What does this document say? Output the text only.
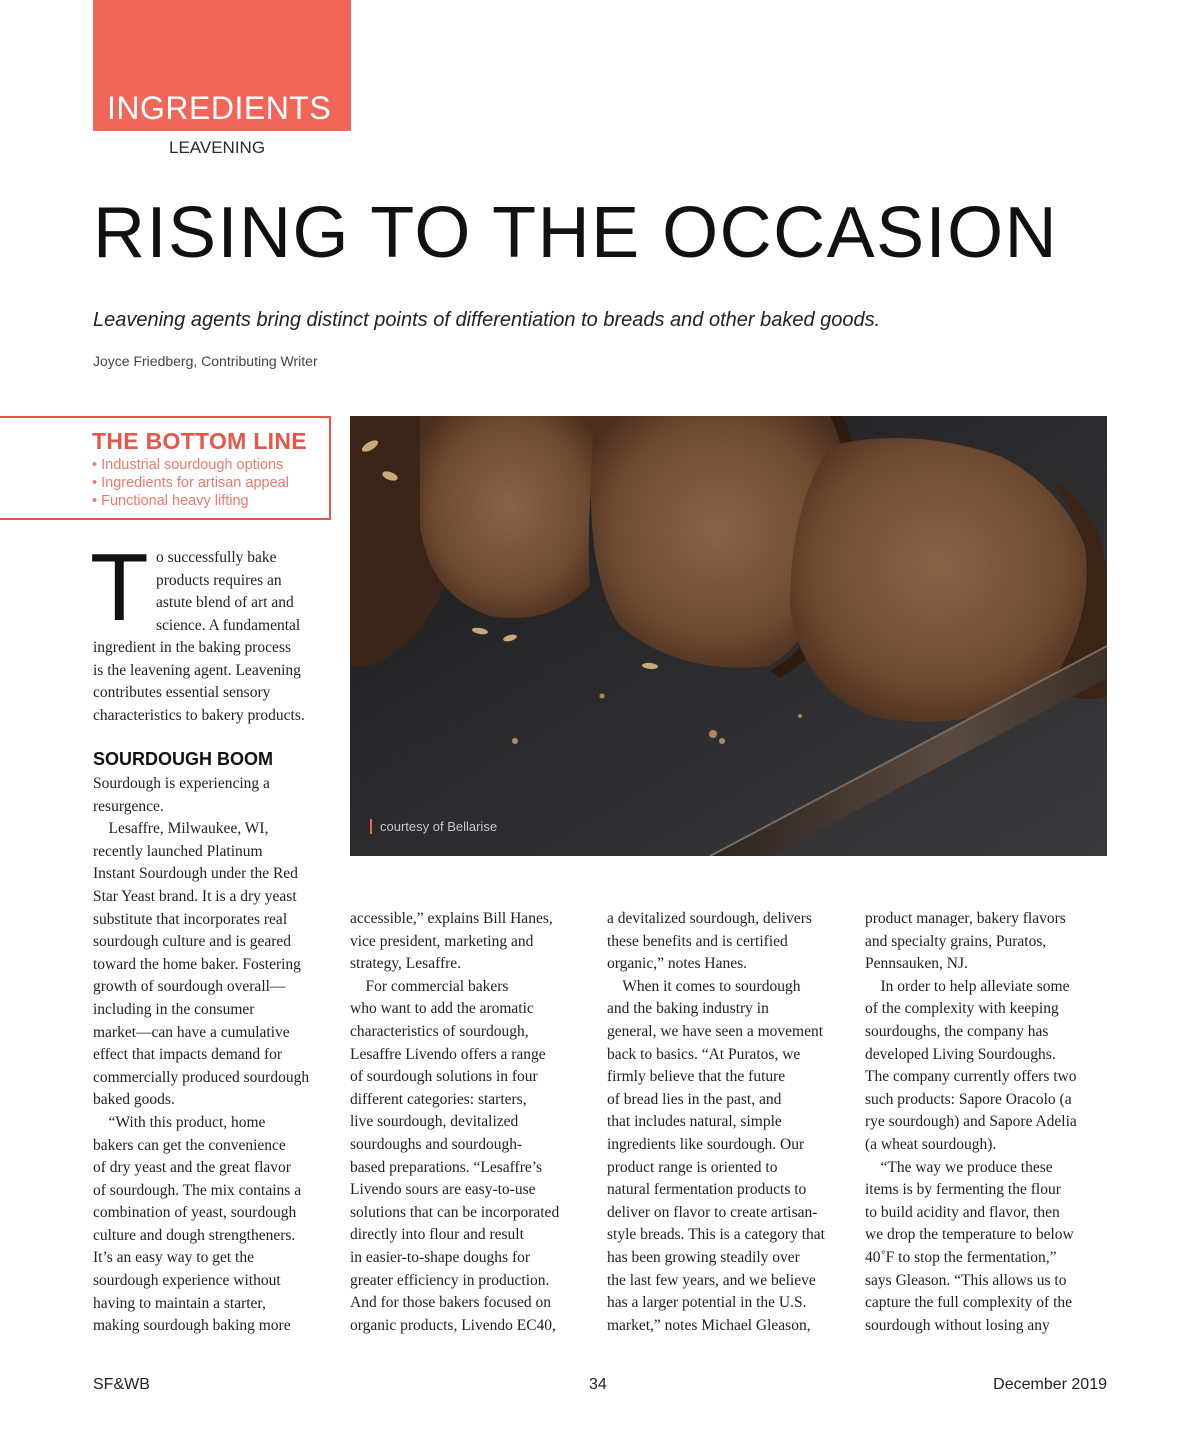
INGREDIENTS
LEAVENING
RISING TO THE OCCASION

Leavening agents bring distinct points of differentiation to breads and other baked goods.

Joyce Friedberg, Contributing Writer
THE BOTTOM LINE
• Industrial sourdough options
• Ingredients for artisan appeal
• Functional heavy lifting
courtesy of Bellarise
T o successfully bake
products requires an
astute blend of art and
science. A fundamental
ingredient in the baking process
is the leavening agent. Leavening
contributes essential sensory
characteristics to bakery products.
SOURDOUGH BOOM
Sourdough is experiencing a
resurgence.
Lesaffre, Milwaukee, WI,
recently launched Platinum
Instant Sourdough under the Red
Star Yeast brand. It is a dry yeast
substitute that incorporates real
sourdough culture and is geared
toward the home baker. Fostering
growth of sourdough overall—
including in the consumer
market—can have a cumulative
effect that impacts demand for
commercially produced sourdough
baked goods.
“With this product, home
bakers can get the convenience
of dry yeast and the great flavor
of sourdough. The mix contains a
combination of yeast, sourdough
culture and dough strengtheners.
It’s an easy way to get the
sourdough experience without
having to maintain a starter,
making sourdough baking more
accessible,” explains Bill Hanes,
vice president, marketing and
strategy, Lesaffre.
For commercial bakers
who want to add the aromatic
characteristics of sourdough,
Lesaffre Livendo offers a range
of sourdough solutions in four
different categories: starters,
live sourdough, devitalized
sourdoughs and sourdough-
based preparations. “Lesaffre’s
Livendo sours are easy-to-use
solutions that can be incorporated
directly into flour and result
in easier-to-shape doughs for
greater efficiency in production.
And for those bakers focused on
organic products, Livendo EC40,
a devitalized sourdough, delivers
these benefits and is certified
organic,” notes Hanes.
When it comes to sourdough
and the baking industry in
general, we have seen a movement
back to basics. “At Puratos, we
firmly believe that the future
of bread lies in the past, and
that includes natural, simple
ingredients like sourdough. Our
product range is oriented to
natural fermentation products to
deliver on flavor to create artisan-
style breads. This is a category that
has been growing steadily over
the last few years, and we believe
has a larger potential in the U.S.
market,” notes Michael Gleason,
product manager, bakery flavors
and specialty grains, Puratos,
Pennsauken, NJ.
In order to help alleviate some
of the complexity with keeping
sourdoughs, the company has
developed Living Sourdoughs.
The company currently offers two
such products: Sapore Oracolo (a
rye sourdough) and Sapore Adelia
(a wheat sourdough).
“The way we produce these
items is by fermenting the flour
to build acidity and flavor, then
we drop the temperature to below
40˚F to stop the fermentation,”
says Gleason. “This allows us to
capture the full complexity of the
sourdough without losing any
SF&WB	34	December 2019
